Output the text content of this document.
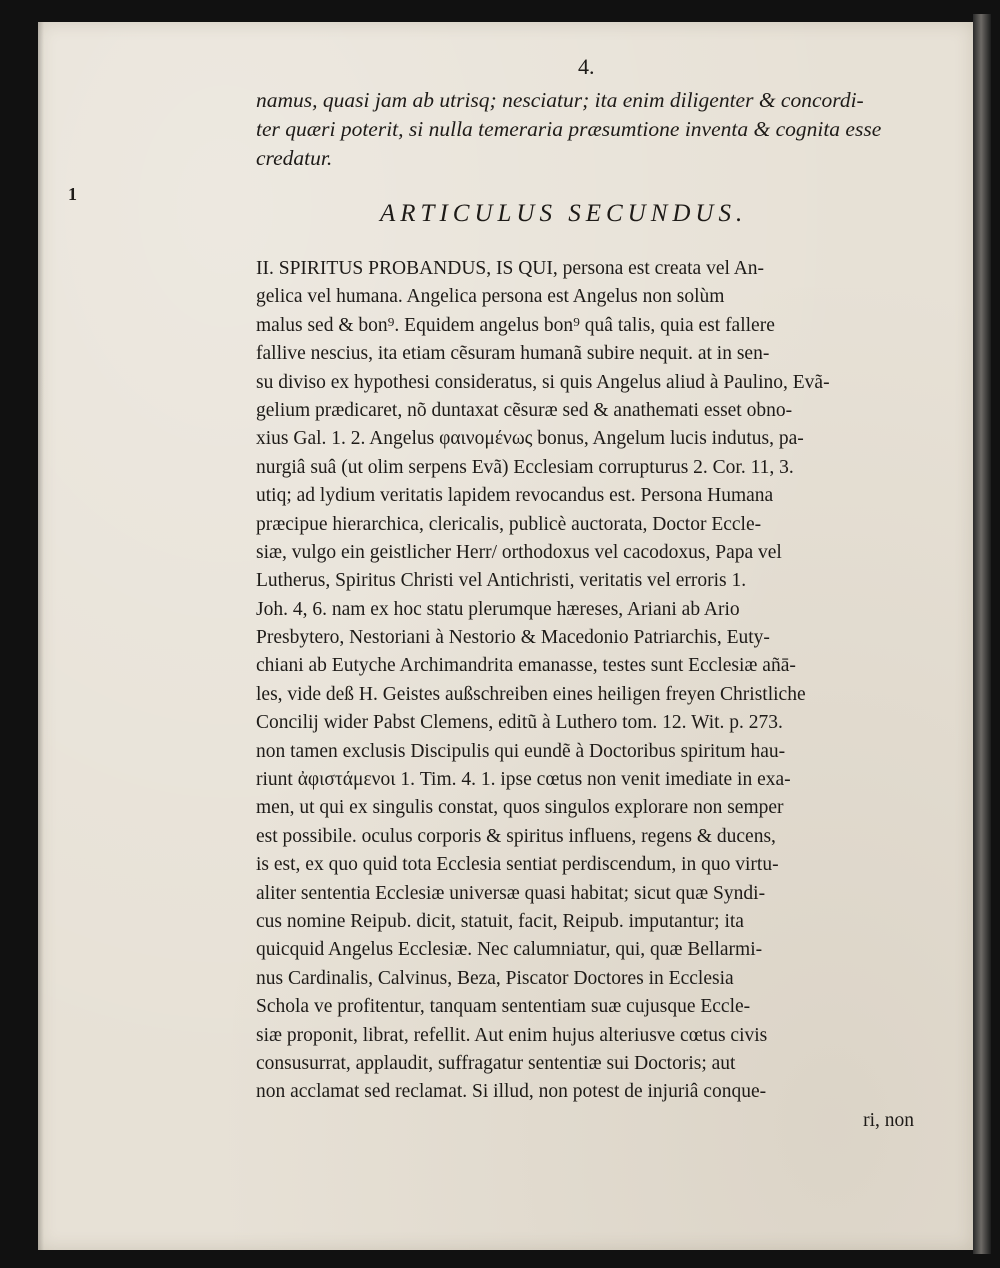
4.
1
namus, quasi jam ab utrisq; nesciatur; ita enim diligenter & concordi-
ter quæri poterit, si nulla temeraria præsumtione inventa & cognita esse
credatur.
ARTICULUS SECUNDUS.
II. SPIRITUS PROBANDUS, IS QUI, persona est creata vel An-
gelica vel humana. Angelica persona est Angelus non solùm
malus sed & bon⁹. Equidem angelus bon⁹ quâ talis, quia est fallere
fallive nescius, ita etiam cẽsuram humanã subire nequit. at in sen-
su diviso ex hypothesi consideratus, si quis Angelus aliud à Paulino, Evã-
gelium prædicaret, nõ duntaxat cẽsuræ sed & anathemati esset obno-
xius Gal. 1. 2. Angelus φαινομένως bonus, Angelum lucis indutus, pa-
nurgiâ suâ (ut olim serpens Evã) Ecclesiam corrupturus 2. Cor. 11, 3.
utiq; ad lydium veritatis lapidem revocandus est. Persona Humana
præcipue hierarchica, clericalis, publicè auctorata, Doctor Eccle-
siæ, vulgo ein geistlicher Herr/ orthodoxus vel cacodoxus, Papa vel
Lutherus, Spiritus Christi vel Antichristi, veritatis vel erroris 1.
Joh. 4, 6. nam ex hoc statu plerumque hæreses, Ariani ab Ario
Presbytero, Nestoriani à Nestorio & Macedonio Patriarchis, Euty-
chiani ab Eutyche Archimandrita emanasse, testes sunt Ecclesiæ añā-
les, vide deß H. Geistes außschreiben eines heiligen freyen Christliche
Concilij wider Pabst Clemens, editũ à Luthero tom. 12. Wit. p. 273.
non tamen exclusis Discipulis qui eundẽ à Doctoribus spiritum hau-
riunt ἀφιστάμενοι 1. Tim. 4. 1. ipse cœtus non venit imediate in exa-
men, ut qui ex singulis constat, quos singulos explorare non semper
est possibile. oculus corporis & spiritus influens, regens & ducens,
is est, ex quo quid tota Ecclesia sentiat perdiscendum, in quo virtu-
aliter sententia Ecclesiæ universæ quasi habitat; sicut quæ Syndi-
cus nomine Reipub. dicit, statuit, facit, Reipub. imputantur; ita
quicquid Angelus Ecclesiæ. Nec calumniatur, qui, quæ Bellarmi-
nus Cardinalis, Calvinus, Beza, Piscator Doctores in Ecclesia
Schola ve profitentur, tanquam sententiam suæ cujusque Eccle-
siæ proponit, librat, refellit. Aut enim hujus alteriusve cœtus civis
consusurrat, applaudit, suffragatur sententiæ sui Doctoris; aut
non acclamat sed reclamat. Si illud, non potest de injuriâ conque-
ri, non
